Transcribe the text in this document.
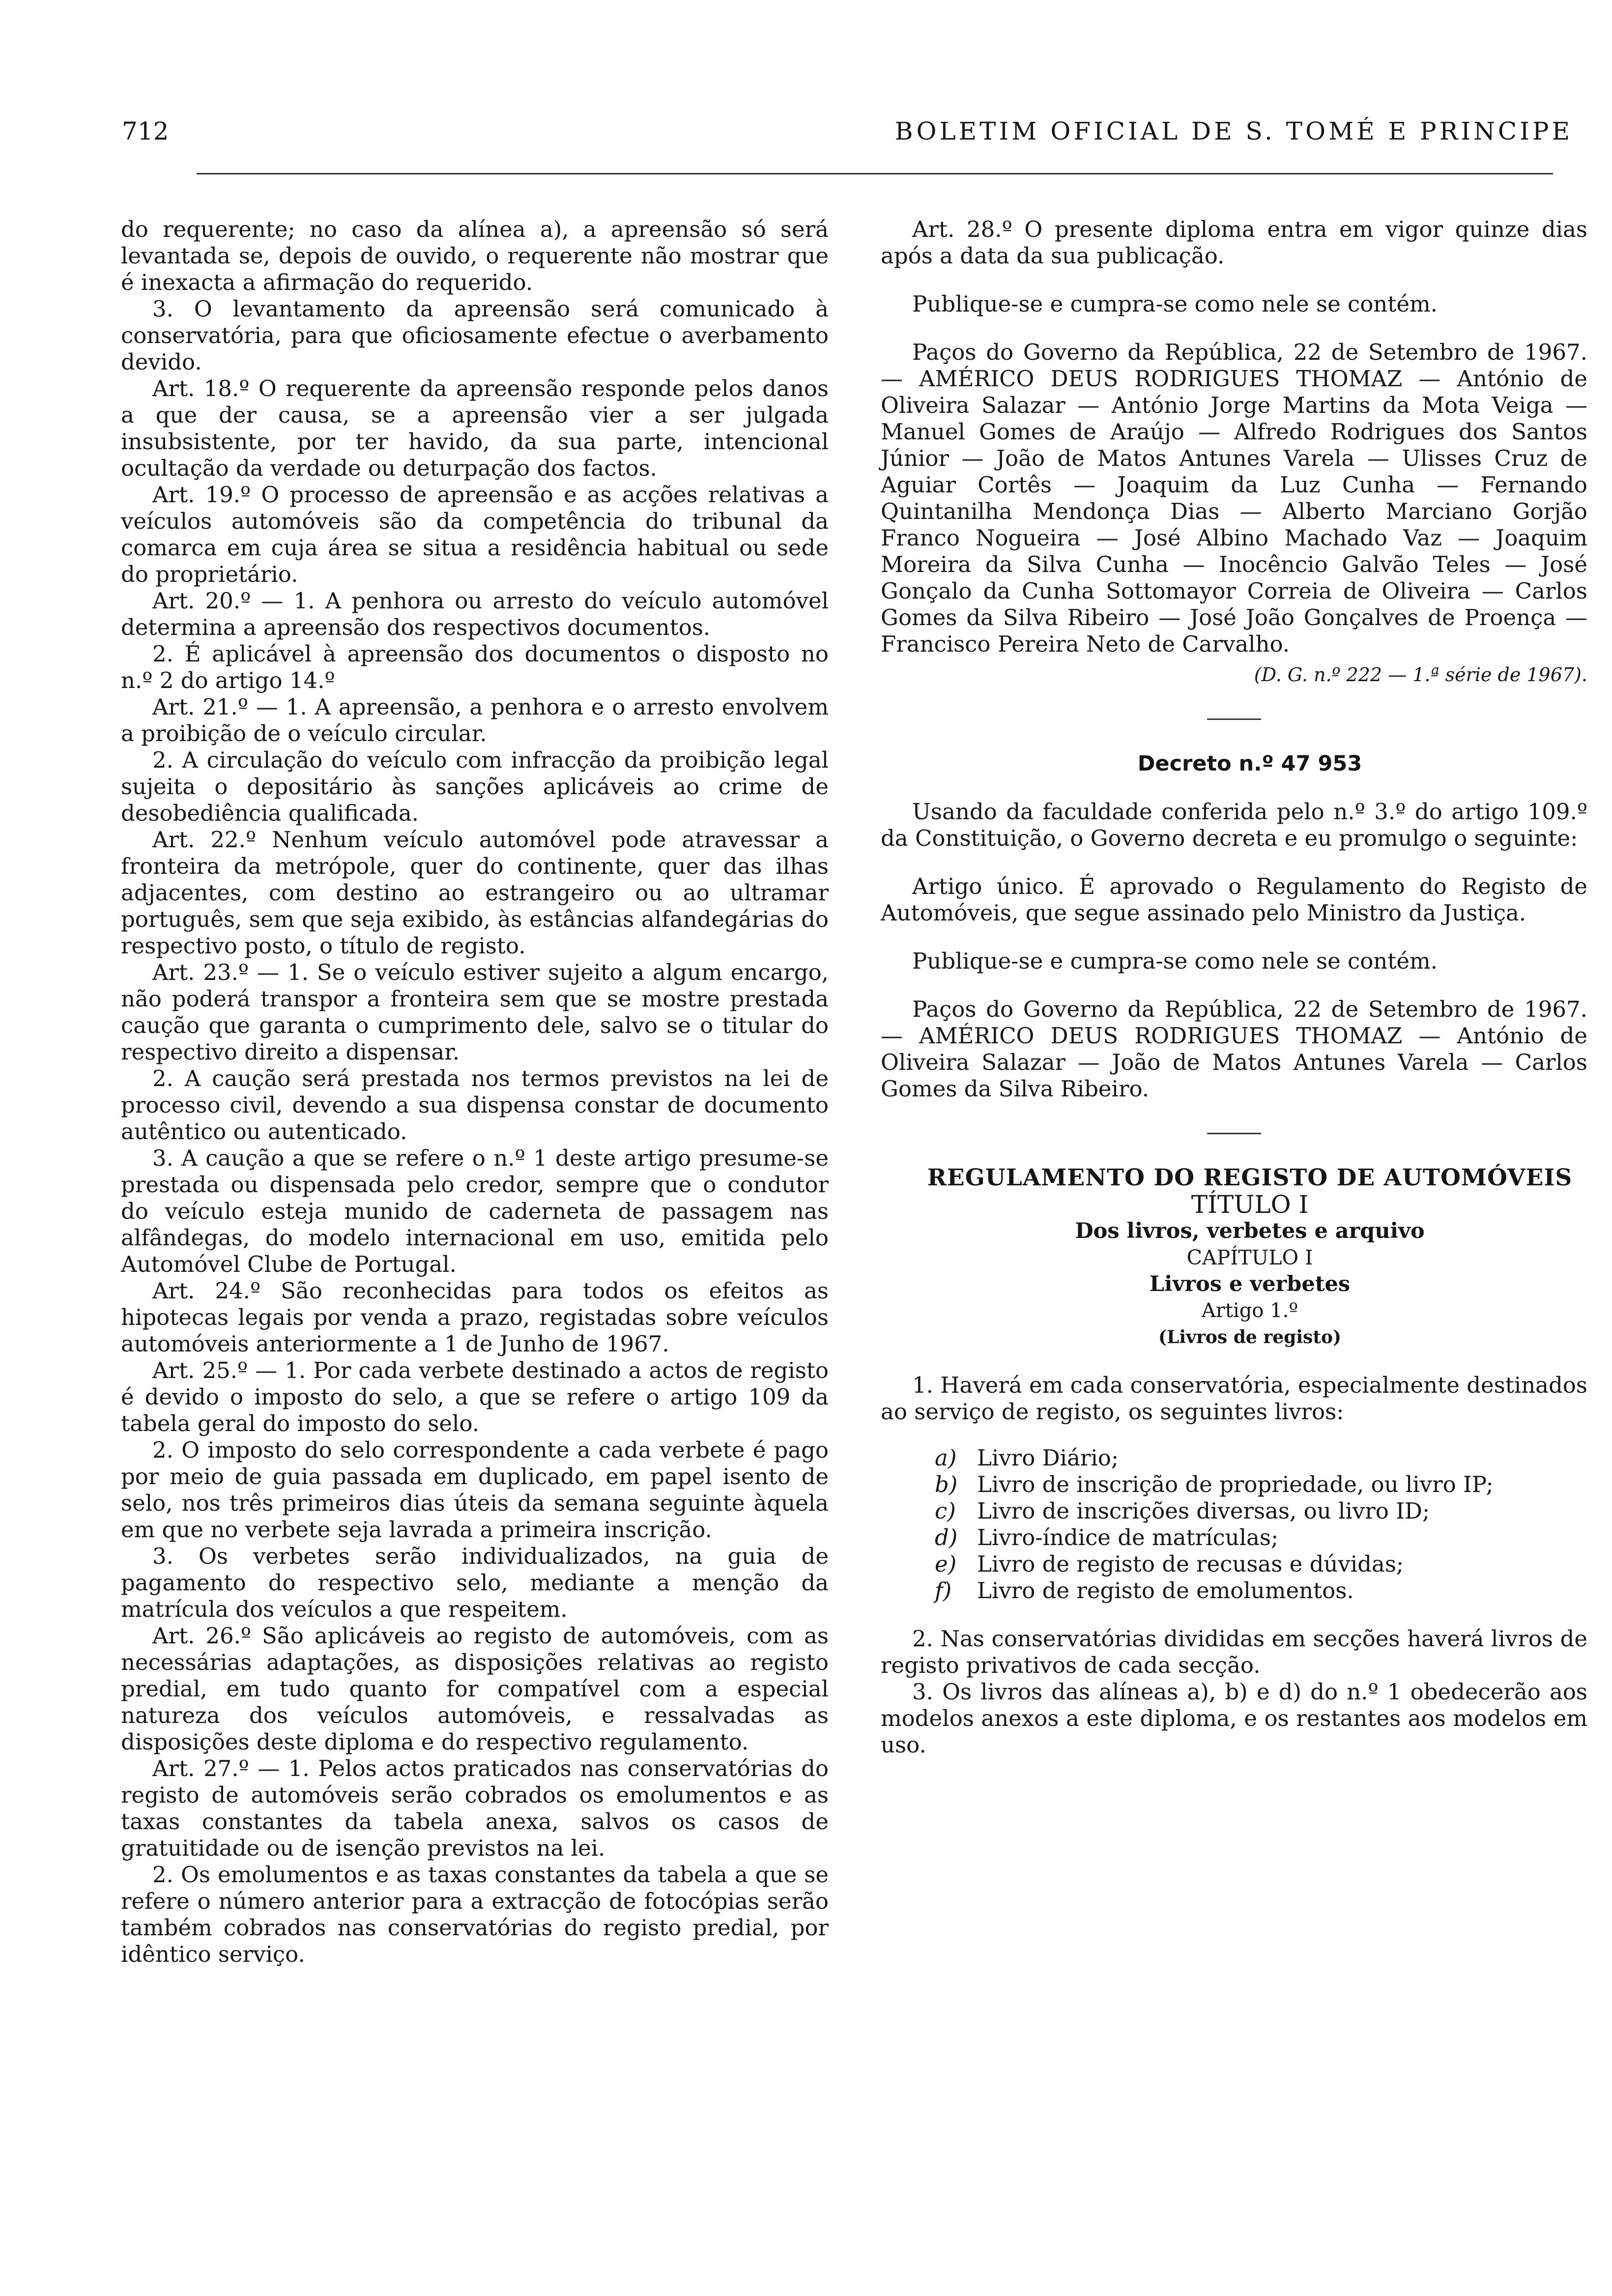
712	BOLETIM OFICIAL DE S. TOMÉ E PRINCIPE

do requerente; no caso da alínea a), a apreensão só será levantada se, depois de ouvido, o requerente não mostrar que é inexacta a afirmação do requerido.

3. O levantamento da apreensão será comunicado à conservatória, para que oficiosamente efectue o averbamento devido.

Art. 18.º O requerente da apreensão responde pelos danos a que der causa, se a apreensão vier a ser julgada insubsistente, por ter havido, da sua parte, intencional ocultação da verdade ou deturpação dos factos.

Art. 19.º O processo de apreensão e as acções relativas a veículos automóveis são da competência do tribunal da comarca em cuja área se situa a residência habitual ou sede do proprietário.

Art. 20.º — 1. A penhora ou arresto do veículo automóvel determina a apreensão dos respectivos documentos.

2. É aplicável à apreensão dos documentos o disposto no n.º 2 do artigo 14.º

Art. 21.º — 1. A apreensão, a penhora e o arresto envolvem a proibição de o veículo circular.

2. A circulação do veículo com infracção da proibição legal sujeita o depositário às sanções aplicáveis ao crime de desobediência qualificada.

Art. 22.º Nenhum veículo automóvel pode atravessar a fronteira da metrópole, quer do continente, quer das ilhas adjacentes, com destino ao estrangeiro ou ao ultramar português, sem que seja exibido, às estâncias alfandegárias do respectivo posto, o título de registo.

Art. 23.º — 1. Se o veículo estiver sujeito a algum encargo, não poderá transpor a fronteira sem que se mostre prestada caução que garanta o cumprimento dele, salvo se o titular do respectivo direito a dispensar.

2. A caução será prestada nos termos previstos na lei de processo civil, devendo a sua dispensa constar de documento autêntico ou autenticado.

3. A caução a que se refere o n.º 1 deste artigo presume-se prestada ou dispensada pelo credor, sempre que o condutor do veículo esteja munido de caderneta de passagem nas alfândegas, do modelo internacional em uso, emitida pelo Automóvel Clube de Portugal.

Art. 24.º São reconhecidas para todos os efeitos as hipotecas legais por venda a prazo, registadas sobre veículos automóveis anteriormente a 1 de Junho de 1967.

Art. 25.º — 1. Por cada verbete destinado a actos de registo é devido o imposto do selo, a que se refere o artigo 109 da tabela geral do imposto do selo.

2. O imposto do selo correspondente a cada verbete é pago por meio de guia passada em duplicado, em papel isento de selo, nos três primeiros dias úteis da semana seguinte àquela em que no verbete seja lavrada a primeira inscrição.

3. Os verbetes serão individualizados, na guia de pagamento do respectivo selo, mediante a menção da matrícula dos veículos a que respeitem.

Art. 26.º São aplicáveis ao registo de automóveis, com as necessárias adaptações, as disposições relativas ao registo predial, em tudo quanto for compatível com a especial natureza dos veículos automóveis, e ressalvadas as disposições deste diploma e do respectivo regulamento.

Art. 27.º — 1. Pelos actos praticados nas conservatórias do registo de automóveis serão cobrados os emolumentos e as taxas constantes da tabela anexa, salvos os casos de gratuitidade ou de isenção previstos na lei.

2. Os emolumentos e as taxas constantes da tabela a que se refere o número anterior para a extracção de fotocópias serão também cobrados nas conservatórias do registo predial, por idêntico serviço.

Art. 28.º O presente diploma entra em vigor quinze dias após a data da sua publicação.

Publique-se e cumpra-se como nele se contém.

Paços do Governo da República, 22 de Setembro de 1967. — AMÉRICO DEUS RODRIGUES THOMAZ — António de Oliveira Salazar — António Jorge Martins da Mota Veiga — Manuel Gomes de Araújo — Alfredo Rodrigues dos Santos Júnior — João de Matos Antunes Varela — Ulisses Cruz de Aguiar Cortês — Joaquim da Luz Cunha — Fernando Quintanilha Mendonça Dias — Alberto Marciano Gorjão Franco Nogueira — José Albino Machado Vaz — Joaquim Moreira da Silva Cunha — Inocêncio Galvão Teles — José Gonçalo da Cunha Sottomayor Correia de Oliveira — Carlos Gomes da Silva Ribeiro — José João Gonçalves de Proença — Francisco Pereira Neto de Carvalho.

(D. G. n.º 222 — 1.ª série de 1967).

Decreto n.º 47 953

Usando da faculdade conferida pelo n.º 3.º do artigo 109.º da Constituição, o Governo decreta e eu promulgo o seguinte:

Artigo único. É aprovado o Regulamento do Registo de Automóveis, que segue assinado pelo Ministro da Justiça.

Publique-se e cumpra-se como nele se contém.

Paços do Governo da República, 22 de Setembro de 1967. — AMÉRICO DEUS RODRIGUES THOMAZ — António de Oliveira Salazar — João de Matos Antunes Varela — Carlos Gomes da Silva Ribeiro.

REGULAMENTO DO REGISTO DE AUTOMÓVEIS

TÍTULO I

Dos livros, verbetes e arquivo

CAPÍTULO I

Livros e verbetes

Artigo 1.º

(Livros de registo)

1. Haverá em cada conservatória, especialmente destinados ao serviço de registo, os seguintes livros:

a) Livro Diário;
b) Livro de inscrição de propriedade, ou livro IP;
c) Livro de inscrições diversas, ou livro ID;
d) Livro-índice de matrículas;
e) Livro de registo de recusas e dúvidas;
f)	Livro de registo de emolumentos.

2. Nas conservatórias divididas em secções haverá livros de registo privativos de cada secção.

3. Os livros das alíneas a), b) e d) do n.º 1 obedecerão aos modelos anexos a este diploma, e os restantes aos modelos em uso.
